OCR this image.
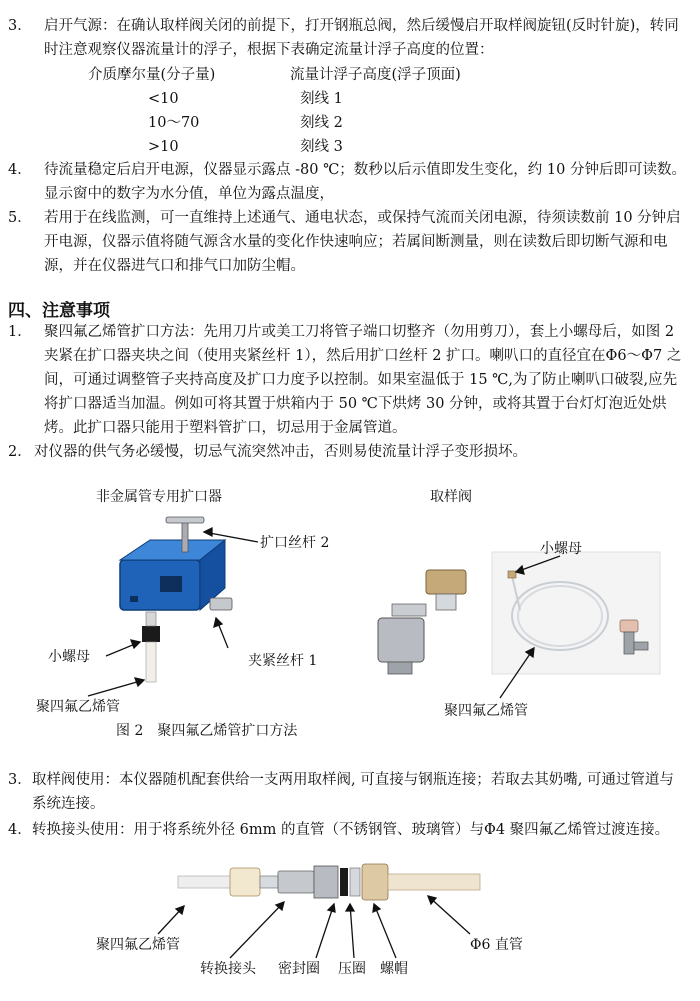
3． 启开气源：在确认取样阀关闭的前提下，打开钢瓶总阀，然后缓慢启开取样阀旋钮(反时针旋)，转同时注意观察仪器流量计的浮子，根据下表确定流量计浮子高度的位置：
介质摩尔量(分子量)	流量计浮子高度(浮子顶面)
<10	刻线 1
10～70	刻线 2
>10	刻线 3
4． 待流量稳定后启开电源，仪器显示露点 -80 ℃；数秒以后示值即发生变化，约 10 分钟后即可读数。显示窗中的数字为水分值，单位为露点温度，
5． 若用于在线监测，可一直维持上述通气、通电状态，或保持气流而关闭电源，待须读数前 10 分钟启开电源，仪器示值将随气源含水量的变化作快速响应；若属间断测量，则在读数后即切断气源和电源，并在仪器进气口和排气口加防尘帽。
四、注意事项
1． 聚四氟乙烯管扩口方法：先用刀片或美工刀将管子端口切整齐（勿用剪刀），套上小螺母后，如图 2 夹紧在扩口器夹块之间（使用夹紧丝杆 1），然后用扩口丝杆 2 扩口。喇叭口的直径宜在Φ6～Φ7 之间，可通过调整管子夹持高度及扩口力度予以控制。如果室温低于 15 ℃,为了防止喇叭口破裂,应先将扩口器适当加温。例如可将其置于烘箱内于 50 ℃下烘烤 30 分钟，或将其置于台灯灯泡近处烘烤。此扩口器只能用于塑料管扩口，切忌用于金属管道。
2． 对仪器的供气务必缓慢，切忌气流突然冲击，否则易使流量计浮子变形损坏。
非金属管专用扩口器	取样阀
扩口丝杆 2
小螺母	夹紧丝杆 1
聚四氟乙烯管
小螺母
聚四氟乙烯管
图 2　聚四氟乙烯管扩口方法
3． 取样阀使用：本仪器随机配套供给一支两用取样阀, 可直接与钢瓶连接；若取去其奶嘴, 可通过管道与系统连接。
4． 转换接头使用：用于将系统外径 6mm 的直管（不锈钢管、玻璃管）与Φ4 聚四氟乙烯管过渡连接。
聚四氟乙烯管
转换接头 密封圈 压圈 螺帽
Φ6 直管
